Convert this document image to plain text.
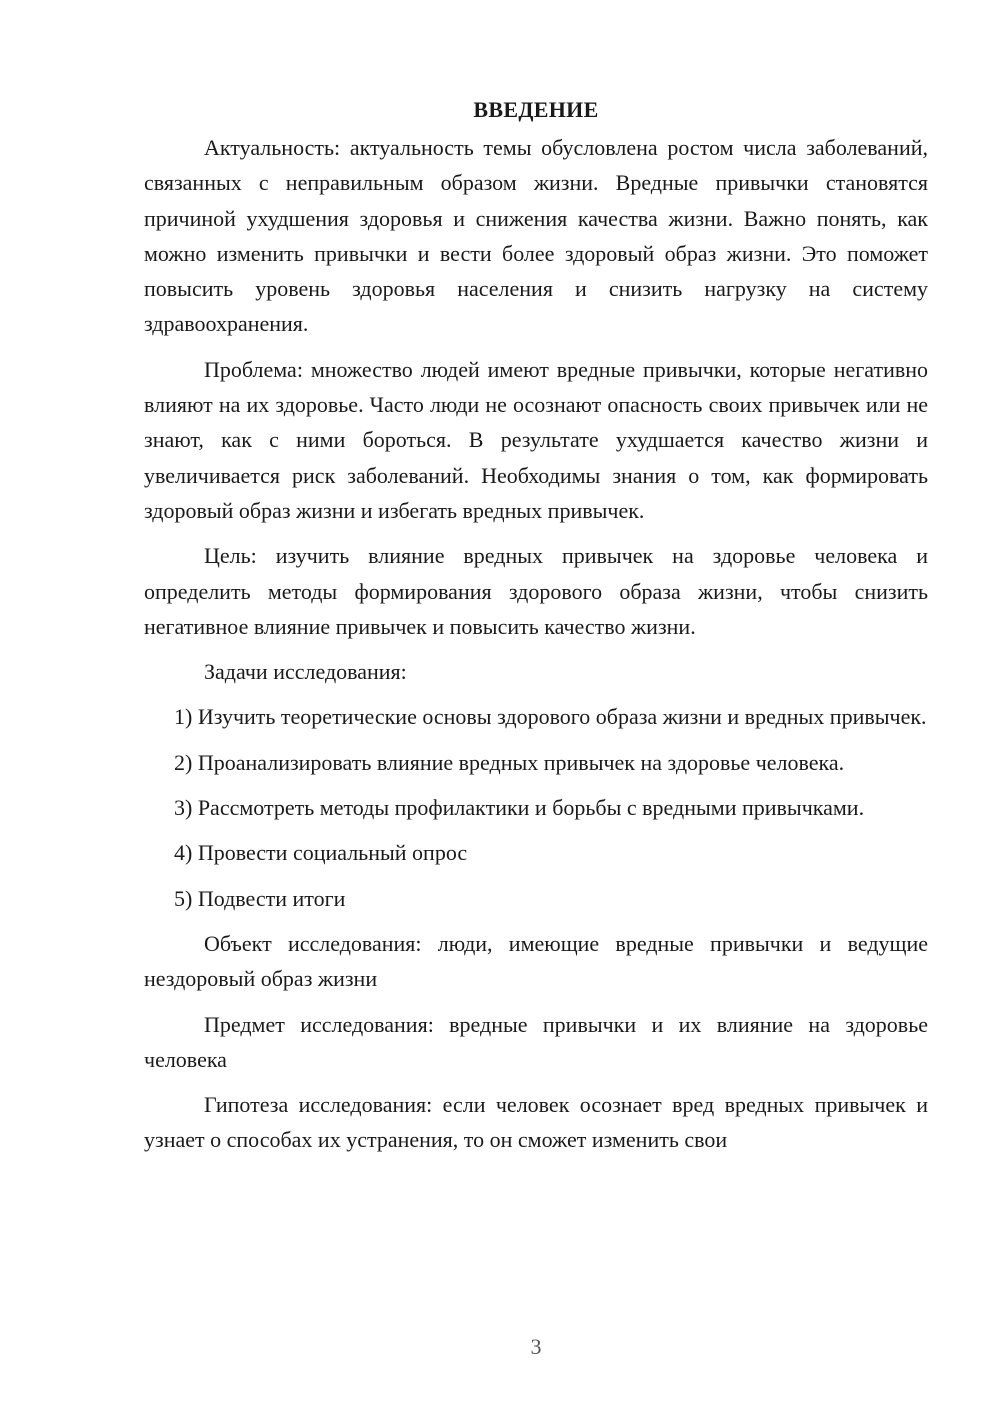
ВВЕДЕНИЕ

Актуальность: актуальность темы обусловлена ростом числа заболеваний, связанных с неправильным образом жизни. Вредные привычки становятся причиной ухудшения здоровья и снижения качества жизни. Важно понять, как можно изменить привычки и вести более здоровый образ жизни. Это поможет повысить уровень здоровья населения и снизить нагрузку на систему здравоохранения.

Проблема: множество людей имеют вредные привычки, которые негативно влияют на их здоровье. Часто люди не осознают опасность своих привычек или не знают, как с ними бороться. В результате ухудшается качество жизни и увеличивается риск заболеваний. Необходимы знания о том, как формировать здоровый образ жизни и избегать вредных привычек.

Цель: изучить влияние вредных привычек на здоровье человека и определить методы формирования здорового образа жизни, чтобы снизить негативное влияние привычек и повысить качество жизни.

Задачи исследования:

1) Изучить теоретические основы здорового образа жизни и вредных привычек.

2) Проанализировать влияние вредных привычек на здоровье человека.

3) Рассмотреть методы профилактики и борьбы с вредными привычками.

4) Провести социальный опрос

5) Подвести итоги

Объект исследования: люди, имеющие вредные привычки и ведущие нездоровый образ жизни

Предмет исследования: вредные привычки и их влияние на здоровье человека

Гипотеза исследования: если человек осознает вред вредных привычек и узнает о способах их устранения, то он сможет изменить свои

3
